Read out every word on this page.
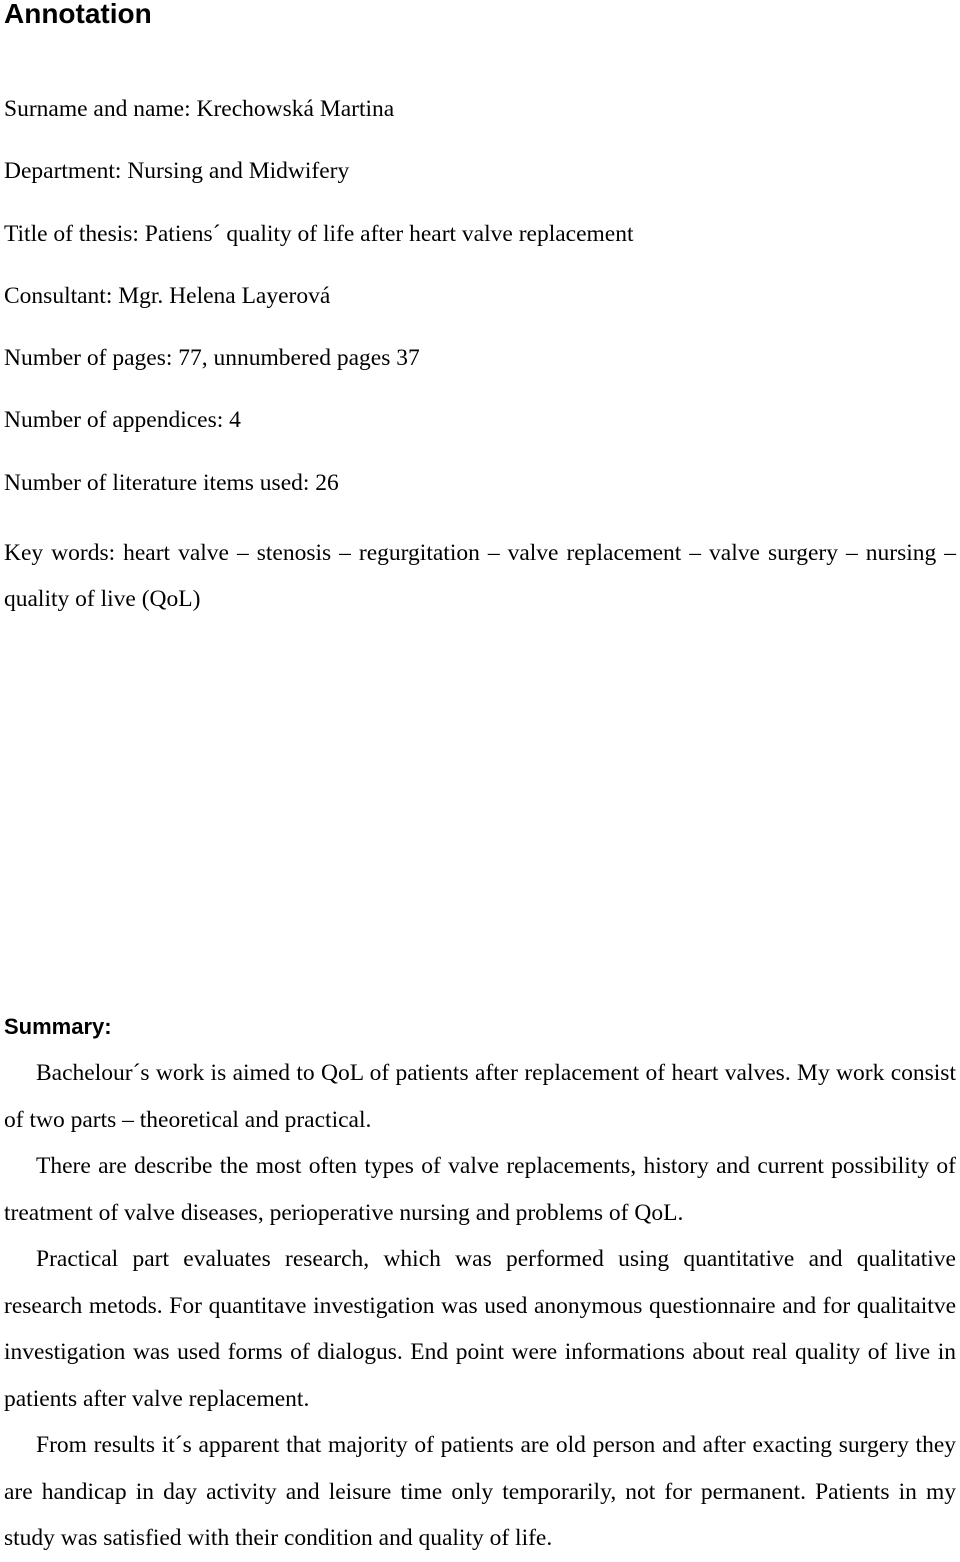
Annotation

Surname and name: Krechowská Martina

Department: Nursing and Midwifery

Title of thesis: Patiens´ quality of life after heart valve replacement

Consultant: Mgr. Helena Layerová

Number of pages: 77, unnumbered pages 37

Number of appendices: 4

Number of literature items used: 26

Key words: heart valve – stenosis – regurgitation – valve replacement – valve surgery – nursing – quality of live (QoL)

Summary:

Bachelour´s work is aimed to QoL of patients after replacement of heart valves. My work consist of two parts – theoretical and practical.

There are describe the most often types of valve replacements, history and current possibility of treatment of valve diseases, perioperative nursing and problems of QoL.

Practical part evaluates research, which was performed using quantitative and qualitative research metods. For quantitave investigation was used anonymous questionnaire and for qualitaitve investigation was used forms of dialogus. End point were informations about real quality of live in patients after valve replacement.

From results it´s apparent that majority of patients are old person and after exacting surgery they are handicap in day activity and leisure time only temporarily, not for permanent. Patients in my study was satisfied with their condition and quality of life.
